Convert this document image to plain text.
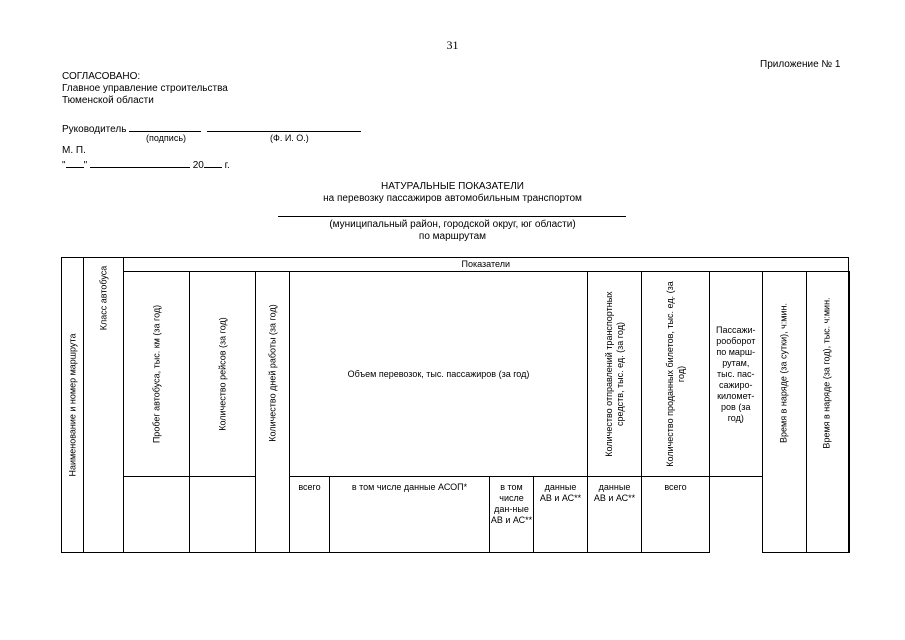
31
Приложение № 1
СОГЛАСОВАНО:
Главное управление строительства
Тюменской области
Руководитель
(подпись)	(Ф. И. О.)
М. П.
" "	20 г.
НАТУРАЛЬНЫЕ ПОКАЗАТЕЛИ
на перевозку пассажиров автомобильным транспортом
(муниципальный район, городской округ, юг области)
по маршрутам
Наименование и номер маршрута	Класс автобуса	Показатели												

		Пробег автобуса, тыс. км (за год)	Количество рейсов (за год)	Количество дней работы (за год)	Объем перевозок, тыс. пассажиров (за год)				Количество отправлений транспортных средств, тыс. ед. (за год)	Количество проданных билетов, тыс. ед. (за год)	Пассажи-рооборот по марш-рутам, тыс. пас-сажиро-километ-ров (за год)	Время в наряде (за сутки), ч:мин.	Время в наряде (за год), тыс. ч:мин.

					всего	в том числе данные АСОП*	в том числе дан-ные АВ и АС**	данные АВ и АС**	данные АВ и АС**	всего				
